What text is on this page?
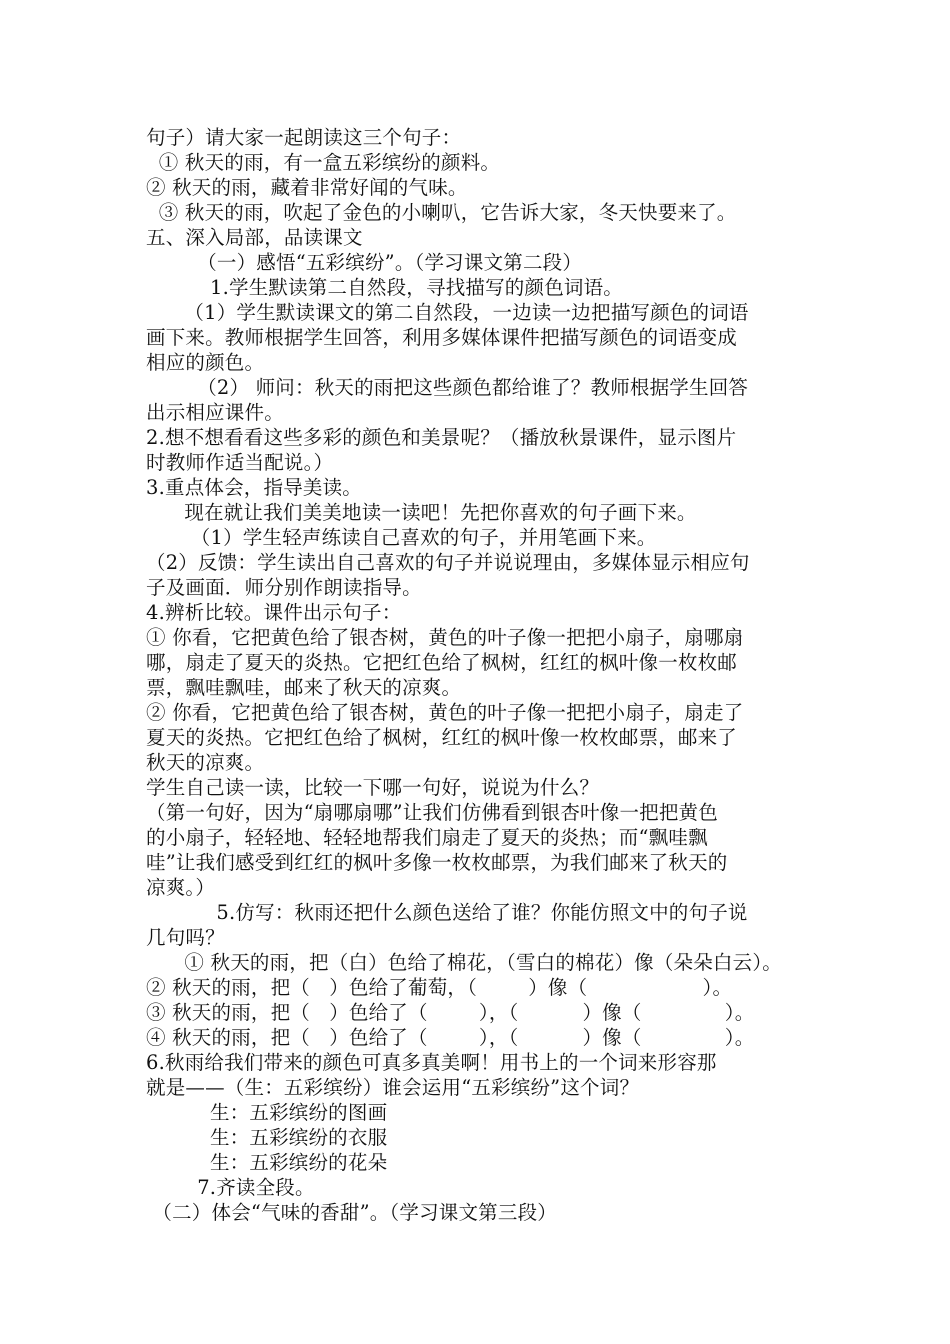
句子）请大家一起朗读这三个句子：
① 秋天的雨，有一盒五彩缤纷的颜料。
② 秋天的雨，藏着非常好闻的气味。
③ 秋天的雨，吹起了金色的小喇叭，它告诉大家，冬天快要来了。
五、深入局部，品读课文
（一）感悟“五彩缤纷”。（学习课文第二段）
1.学生默读第二自然段，寻找描写的颜色词语。
（1）学生默读课文的第二自然段，一边读一边把描写颜色的词语
画下来。教师根据学生回答，利用多媒体课件把描写颜色的词语变成
相应的颜色。
（2） 师问：秋天的雨把这些颜色都给谁了？教师根据学生回答
出示相应课件。
2.想不想看看这些多彩的颜色和美景呢？（播放秋景课件，显示图片
时教师作适当配说。）
3.重点体会，指导美读。
现在就让我们美美地读一读吧！先把你喜欢的句子画下来。
（1）学生轻声练读自己喜欢的句子，并用笔画下来。
（2）反馈：学生读出自己喜欢的句子并说说理由，多媒体显示相应句
子及画面．师分别作朗读指导。
4.辨析比较。课件出示句子：
① 你看，它把黄色给了银杏树，黄色的叶子像一把把小扇子，扇哪扇
哪，扇走了夏天的炎热。它把红色给了枫树，红红的枫叶像一枚枚邮
票，飘哇飘哇，邮来了秋天的凉爽。
② 你看，它把黄色给了银杏树，黄色的叶子像一把把小扇子，扇走了
夏天的炎热。它把红色给了枫树，红红的枫叶像一枚枚邮票，邮来了
秋天的凉爽。
学生自己读一读，比较一下哪一句好，说说为什么？
（第一句好，因为“扇哪扇哪”让我们仿佛看到银杏叶像一把把黄色
的小扇子，轻轻地、轻轻地帮我们扇走了夏天的炎热；而“飘哇飘
哇”让我们感受到红红的枫叶多像一枚枚邮票，为我们邮来了秋天的
凉爽。）
5.仿写：秋雨还把什么颜色送给了谁？你能仿照文中的句子说
几句吗？
① 秋天的雨，把（白）色给了棉花，（雪白的棉花）像（朵朵白云）。
② 秋天的雨，把（   ）色给了葡萄，（        ）像（                  ）。
③ 秋天的雨，把（   ）色给了（        ），（          ）像（             ）。
④ 秋天的雨，把（   ）色给了（        ），（          ）像（             ）。
6.秋雨给我们带来的颜色可真多真美啊！用书上的一个词来形容那
就是——（生：五彩缤纷）谁会运用“五彩缤纷”这个词？
生：五彩缤纷的图画
生：五彩缤纷的衣服
生：五彩缤纷的花朵
7.齐读全段。
（二）体会“气味的香甜”。（学习课文第三段）
